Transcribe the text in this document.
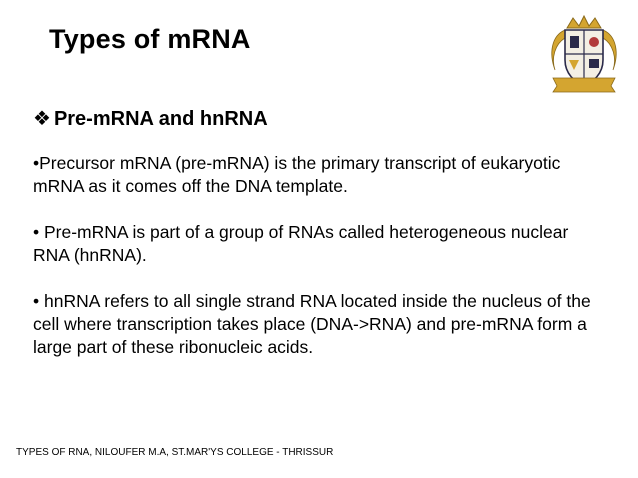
Types of mRNA
❖ Pre-mRNA and hnRNA

•Precursor mRNA (pre-mRNA) is the primary transcript of eukaryotic mRNA as it comes off the DNA template.

• Pre-mRNA is part of a group of RNAs called heterogeneous nuclear RNA (hnRNA).

• hnRNA refers to all single strand RNA located inside the nucleus of the cell where transcription takes place (DNA->RNA) and pre-mRNA form a large part of these ribonucleic acids.

TYPES OF RNA, NILOUFER M.A, ST.MAR'YS COLLEGE - THRISSUR
